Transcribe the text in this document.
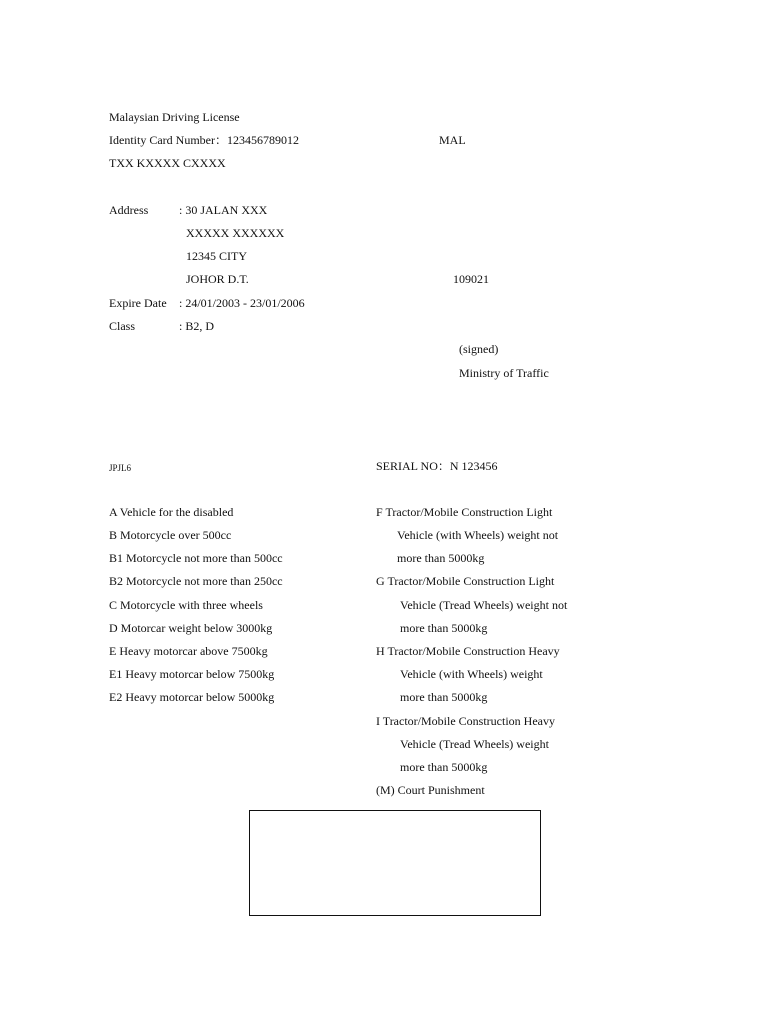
Malaysian Driving License
Identity Card Number：123456789012	MAL
TXX KXXXX CXXXX
Address	: 30 JALAN XXX
XXXXX XXXXXX
12345 CITY
JOHOR D.T.	109021
Expire Date : 24/01/2003 - 23/01/2006
Class	: B2, D
(signed)
Ministry of Traffic
JPJL6	SERIAL NO：N 123456
A Vehicle for the disabled
B Motorcycle over 500cc
B1 Motorcycle not more than 500cc
B2 Motorcycle not more than 250cc
C Motorcycle with three wheels
D Motorcar weight below 3000kg
E Heavy motorcar above 7500kg
E1 Heavy motorcar below 7500kg
E2 Heavy motorcar below 5000kg
F Tractor/Mobile Construction Light
Vehicle (with Wheels) weight not
more than 5000kg
G Tractor/Mobile Construction Light
Vehicle (Tread Wheels) weight not
more than 5000kg
H Tractor/Mobile Construction Heavy
Vehicle (with Wheels) weight
more than 5000kg
I Tractor/Mobile Construction Heavy
Vehicle (Tread Wheels) weight
more than 5000kg
(M) Court Punishment
